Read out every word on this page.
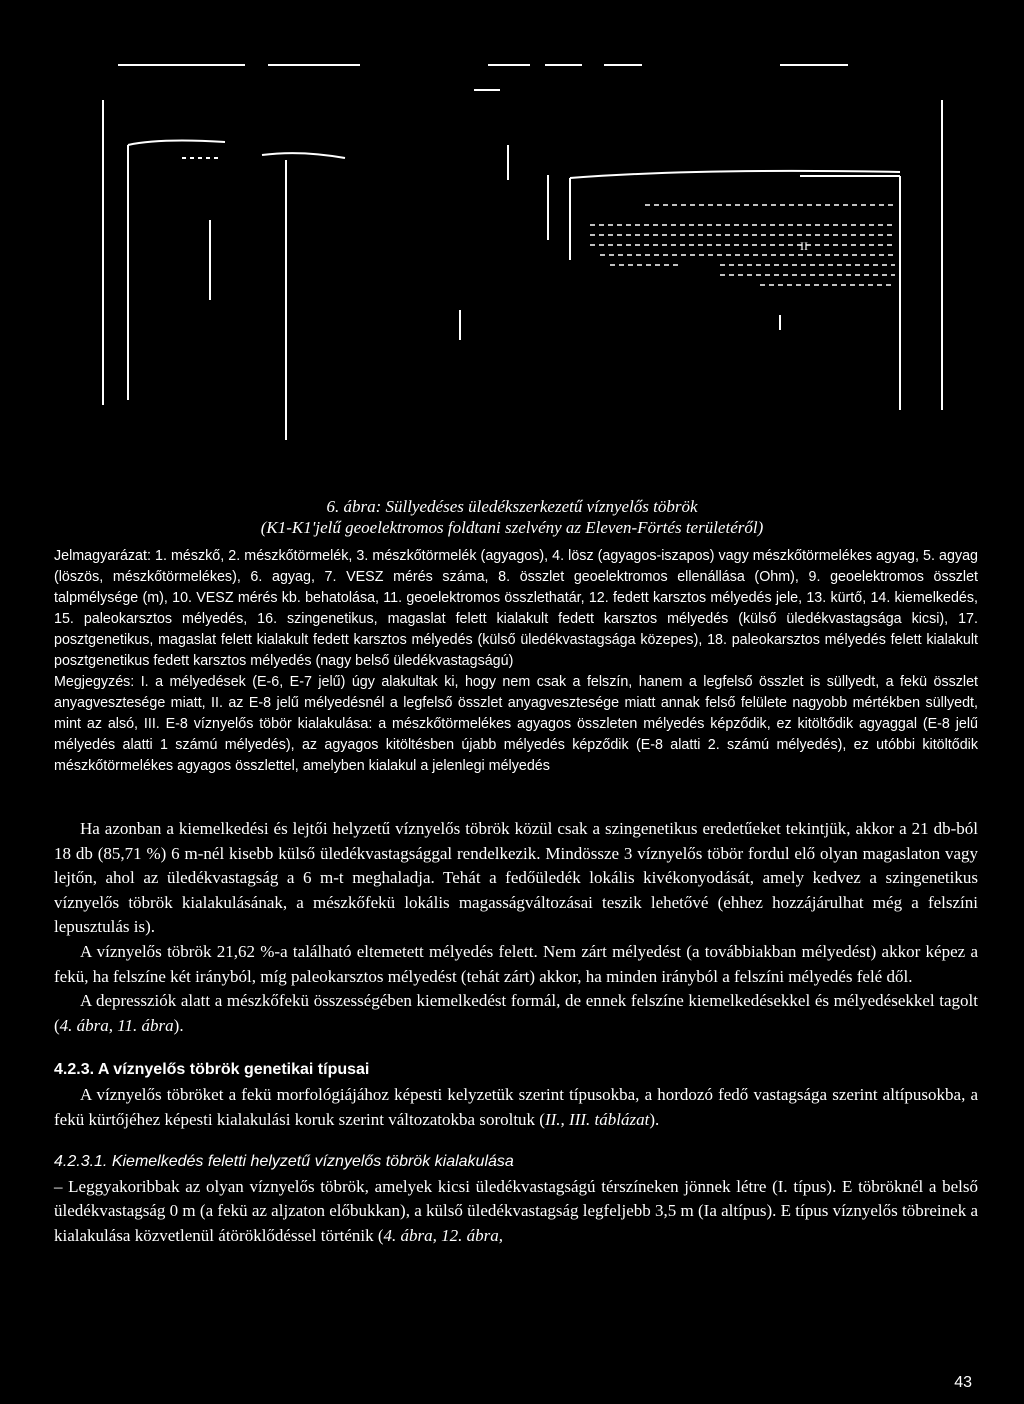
II
6. ábra: Süllyedéses üledékszerkezetű víznyelős töbrök
(K1-K1'jelű geoelektromos foldtani szelvény az Eleven-Förtés területéről)

Jelmagyarázat: 1. mészkő, 2. mészkőtörmelék, 3. mészkőtörmelék (agyagos), 4. lösz (agyagos-iszapos) vagy mészkőtörmelékes agyag, 5. agyag (löszös, mészkőtörmelékes), 6. agyag, 7. VESZ mérés száma, 8. összlet geoelektromos ellenállása (Ohm), 9. geoelektromos összlet talpmélysége (m), 10. VESZ mérés kb. behatolása, 11. geoelektromos összlethatár, 12. fedett karsztos mélyedés jele, 13. kürtő, 14. kiemelkedés, 15. paleokarsztos mélyedés, 16. szingenetikus, magaslat felett kialakult fedett karsztos mélyedés (külső üledékvastagsága kicsi), 17. posztgenetikus, magaslat felett kialakult fedett karsztos mélyedés (külső üledékvastagsága közepes), 18. paleokarsztos mélyedés felett kialakult posztgenetikus fedett karsztos mélyedés (nagy belső üledékvastagságú)

Megjegyzés: I. a mélyedések (E-6, E-7 jelű) úgy alakultak ki, hogy nem csak a felszín, hanem a legfelső összlet is süllyedt, a fekü összlet anyagvesztesége miatt, II. az E-8 jelű mélyedésnél a legfelső összlet anyagvesztesége miatt annak felső felülete nagyobb mértékben süllyedt, mint az alsó, III. E-8 víznyelős töbör kialakulása: a mészkőtörmelékes agyagos összleten mélyedés képződik, ez kitöltődik agyaggal (E-8 jelű mélyedés alatti 1 számú mélyedés), az agyagos kitöltésben újabb mélyedés képződik (E-8 alatti 2. számú mélyedés), ez utóbbi kitöltődik mészkőtörmelékes agyagos összlettel, amelyben kialakul a jelenlegi mélyedés

Ha azonban a kiemelkedési és lejtői helyzetű víznyelős töbrök közül csak a szingenetikus eredetűeket tekintjük, akkor a 21 db-ból 18 db (85,71 %) 6 m-nél kisebb külső üledékvastagsággal rendelkezik. Mindössze 3 víznyelős töbör fordul elő olyan magaslaton vagy lejtőn, ahol az üledékvastagság a 6 m-t meghaladja. Tehát a fedőüledék lokális kivékonyodását, amely kedvez a szingenetikus víznyelős töbrök kialakulásának, a mészkőfekü lokális magasságváltozásai teszik lehetővé (ehhez hozzájárulhat még a felszíni lepusztulás is).

A víznyelős töbrök 21,62 %-a található eltemetett mélyedés felett. Nem zárt mélyedést (a továbbiakban mélyedést) akkor képez a fekü, ha felszíne két irányból, míg paleokarsztos mélyedést (tehát zárt) akkor, ha minden irányból a felszíni mélyedés felé dől.

A depressziók alatt a mészkőfekü összességében kiemelkedést formál, de ennek felszíne kiemelkedésekkel és mélyedésekkel tagolt (4. ábra, 11. ábra).

4.2.3. A víznyelős töbrök genetikai típusai

A víznyelős töbröket a fekü morfológiájához képesti kelyzetük szerint típusokba, a hordozó fedő vastagsága szerint altípusokba, a fekü kürtőjéhez képesti kialakulási koruk szerint változatokba soroltuk (II., III. táblázat).

4.2.3.1. Kiemelkedés feletti helyzetű víznyelős töbrök kialakulása

– Leggyakoribbak az olyan víznyelős töbrök, amelyek kicsi üledékvastagságú térszíneken jönnek létre (I. típus). E töbröknél a belső üledékvastagság 0 m (a fekü az aljzaton előbukkan), a külső üledékvastagság legfeljebb 3,5 m (Ia altípus). E típus víznyelős töbreinek a kialakulása közvetlenül átöröklődéssel történik (4. ábra, 12. ábra,

43
